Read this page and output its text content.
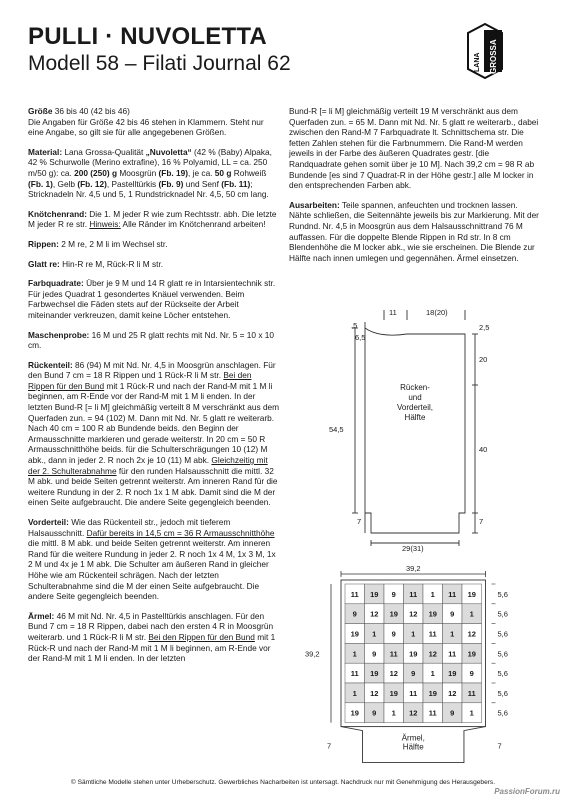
PULLI · NUVOLETTA
Modell 58 – Filati Journal 62	LANA GROSSA

Größe 36 bis 40 (42 bis 46)
Die Angaben für Größe 42 bis 46 stehen in Klammern. Steht nur eine Angabe, so gilt sie für alle angegebenen Größen.

Material: Lana Grossa-Qualität „Nuvoletta“ (42 % (Baby) Alpaka, 42 % Schurwolle (Merino extrafine), 16 % Polyamid, LL = ca. 250 m/50 g): ca. 200 (250) g Moosgrün (Fb. 19), je ca. 50 g Rohweiß (Fb. 1), Gelb (Fb. 12), Pastelltürkis (Fb. 9) und Senf (Fb. 11); Stricknadeln Nr. 4,5 und 5, 1 Rundstricknadel Nr. 4,5, 50 cm lang.

Knötchenrand: Die 1. M jeder R wie zum Rechtsstr. abh. Die letzte M jeder R re str. Hinweis: Alle Ränder im Knötchenrand arbeiten!

Rippen: 2 M re, 2 M li im Wechsel str.

Glatt re: Hin-R re M, Rück-R li M str.

Farbquadrate: Über je 9 M und 14 R glatt re in Intarsientechnik str. Für jedes Quadrat 1 gesondertes Knäuel verwenden. Beim Farbwechsel die Fäden stets auf der Rückseite der Arbeit miteinander verkreuzen, damit keine Löcher entstehen.

Maschenprobe: 16 M und 25 R glatt rechts mit Nd. Nr. 5 = 10 x 10 cm.

Rückenteil: 86 (94) M mit Nd. Nr. 4,5 in Moosgrün anschlagen. Für den Bund 7 cm = 18 R Rippen und 1 Rück-R li M str. Bei den Rippen für den Bund mit 1 Rück-R und nach der Rand-M mit 1 M li beginnen, am R-Ende vor der Rand-M mit 1 M li enden. In der letzten Bund-R [= li M] gleichmäßig verteilt 8 M verschränkt aus dem Querfaden zun. = 94 (102) M. Dann mit Nd. Nr. 5 glatt re weiterarb. Nach 40 cm = 100 R ab Bundende beids. den Beginn der Armausschnitte markieren und gerade weiterstr. In 20 cm = 50 R Armausschnitthöhe beids. für die Schulterschrägungen 10 (12) M abk., dann in jeder 2. R noch 2x je 10 (11) M abk. Gleichzeitig mit der 2. Schulterabnahme für den runden Halsausschnitt die mittl. 32 M abk. und beide Seiten getrennt weiterstr. Am inneren Rand für die weitere Rundung in der 2. R noch 1x 1 M abk. Damit sind die M der einen Seite aufgebraucht. Die andere Seite gegengleich beenden.

Vorderteil: Wie das Rückenteil str., jedoch mit tieferem Halsausschnitt. Dafür bereits in 14,5 cm = 36 R Armausschnitthöhe die mittl. 8 M abk. und beide Seiten getrennt weiterstr. Am inneren Rand für die weitere Rundung in jeder 2. R noch 1x 4 M, 1x 3 M, 1x 2 M und 4x je 1 M abk. Die Schulter am äußeren Rand in gleicher Höhe wie am Rückenteil schrägen. Nach der letzten Schulterabnahme sind die M der einen Seite aufgebraucht. Die andere Seite gegengleich beenden.

Ärmel: 46 M mit Nd. Nr. 4,5 in Pastelltürkis anschlagen. Für den Bund 7 cm = 18 R Rippen, dabei nach den ersten 4 R in Moosgrün weiterarb. und 1 Rück-R li M str. Bei den Rippen für den Bund mit 1 Rück-R und nach der Rand-M mit 1 M li beginnen, am R-Ende vor der Rand-M mit 1 M li enden. In der letzten

Bund-R [= li M] gleichmäßig verteilt 19 M verschränkt aus dem Querfaden zun. = 65 M. Dann mit Nd. Nr. 5 glatt re weiterarb., dabei zwischen den Rand-M 7 Farbquadrate lt. Schnittschema str. Die fetten Zahlen stehen für die Farbnummern. Die Rand-M werden jeweils in der Farbe des äußeren Quadrates gestr. [die Randquadrate gehen somit über je 10 M]. Nach 39,2 cm = 98 R ab Bundende [es sind 7 Quadrat-R in der Höhe gestr.] alle M locker in den entsprechenden Farben abk.

Ausarbeiten: Teile spannen, anfeuchten und trocknen lassen. Nähte schließen, die Seitennähte jeweils bis zur Markierung. Mit der Rundnd. Nr. 4,5 in Moosgrün aus dem Halsausschnittrand 76 M auffassen. Für die doppelte Blende Rippen in Rd str. In 8 cm Blendenhöhe die M locker abk., wie sie erscheinen. Die Blende zur Hälfte nach innen umlegen und gegennähen. Ärmel einsetzen.

11	18(20)
,5
6,5
2,5
20
54,5
40
7	7
29(31)
Rücken-
und
Vorderteil,
Hälfte
39,2
11 19 9 11 1 11 19	5,6
9 12 19 12 19 9 1	5,6
19 1 9 1 11 1 12	5,6
1 9 11 19 12 11 19	5,6
11 19 12 9 1 19 9	5,6
1 12 19 11 19 12 11	5,6
19 9 1 12 11 9 1	5,6
39,2
Ärmel,
Hälfte
7	7
© Sämtliche Modelle stehen unter Urheberschutz. Gewerbliches Nacharbeiten ist untersagt. Nachdruck nur mit Genehmigung des Herausgebers.
PassionForum.ru
